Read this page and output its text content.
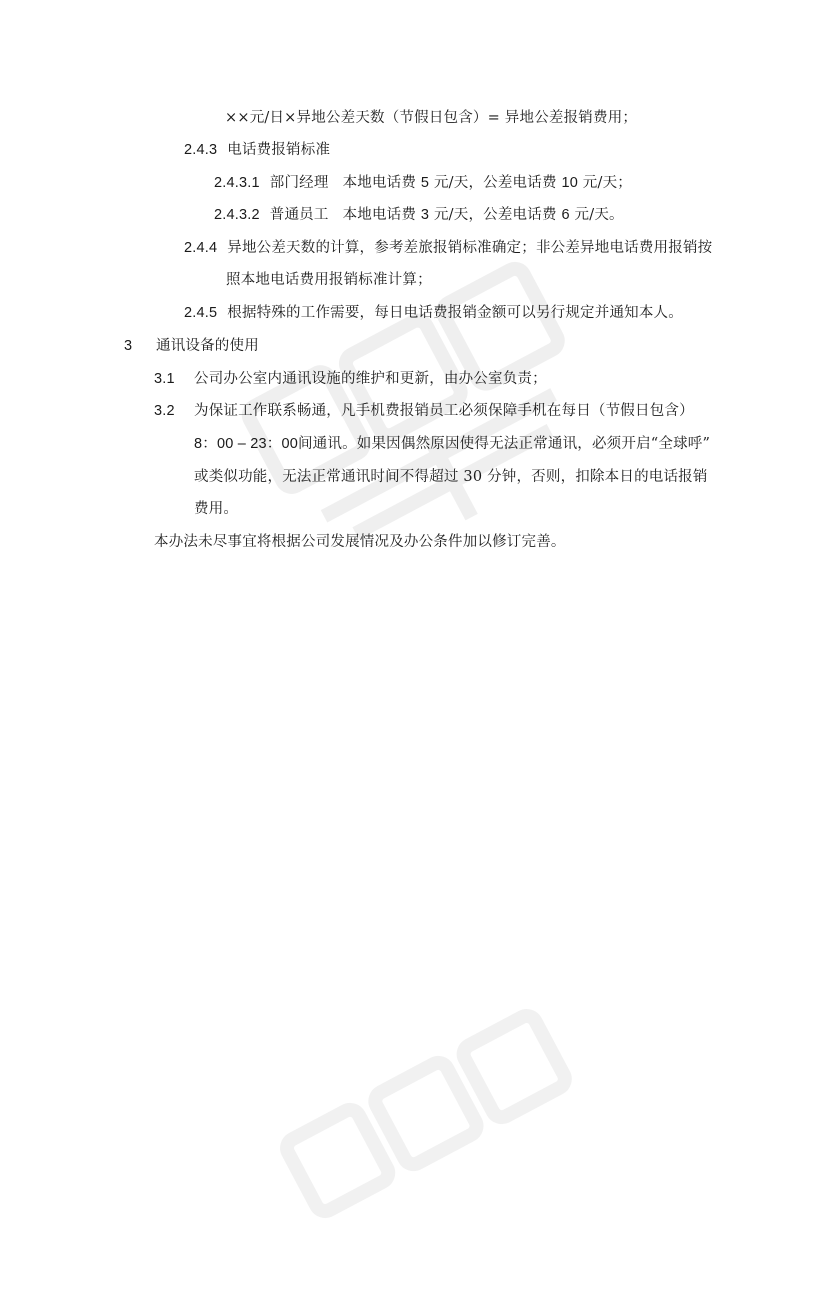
××元/日×异地公差天数（节假日包含）= 异地公差报销费用；
2.4.3 电话费报销标准
2.4.3.1 部门经理 本地电话费 5 元/天，公差电话费 10 元/天；
2.4.3.2 普通员工 本地电话费 3 元/天，公差电话费 6 元/天。
2.4.4 异地公差天数的计算，参考差旅报销标准确定；非公差异地电话费用报销按
照本地电话费用报销标准计算；
2.4.5 根据特殊的工作需要，每日电话费报销金额可以另行规定并通知本人。
3 通讯设备的使用
3.1 公司办公室内通讯设施的维护和更新，由办公室负责；
3.2 为保证工作联系畅通，凡手机费报销员工必须保障手机在每日（节假日包含）
8：00 – 23：00间通讯。如果因偶然原因使得无法正常通讯，必须开启“全球呼”
或类似功能，无法正常通讯时间不得超过 30 分钟，否则，扣除本日的电话报销
费用。
本办法未尽事宜将根据公司发展情况及办公条件加以修订完善。
